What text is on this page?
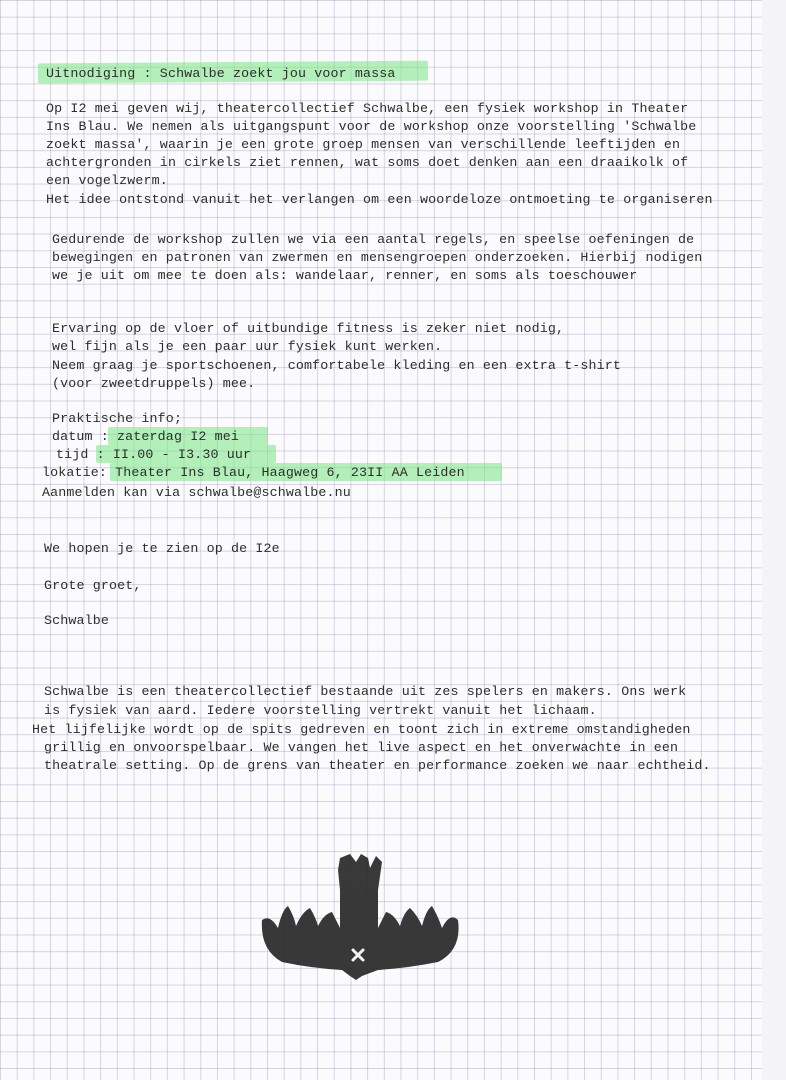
Uitnodiging : Schwalbe zoekt jou voor massa

Op I2 mei geven wij, theatercollectief Schwalbe, een fysiek workshop in Theater

Ins Blau. We nemen als uitgangspunt voor de workshop onze voorstelling 'Schwalbe

zoekt massa', waarin je een grote groep mensen van verschillende leeftijden en

achtergronden in cirkels ziet rennen, wat soms doet denken aan een draaikolk of

een vogelzwerm.

Het idee ontstond vanuit het verlangen om een woordeloze ontmoeting te organiseren

Gedurende de workshop zullen we via een aantal regels, en speelse oefeningen de

bewegingen en patronen van zwermen en mensengroepen onderzoeken. Hierbij nodigen

we je uit om mee te doen als: wandelaar, renner, en soms als toeschouwer

Ervaring op de vloer of uitbundige fitness is zeker niet nodig,

wel fijn als je een paar uur fysiek kunt werken.

Neem graag je sportschoenen, comfortabele kleding en een extra t-shirt

(voor zweetdruppels) mee.

Praktische info;

datum : zaterdag I2 mei

tijd : II.00 - I3.30 uur

lokatie: Theater Ins Blau, Haagweg 6, 23II AA Leiden

Aanmelden kan via schwalbe@schwalbe.nu

We hopen je te zien op de I2e

Grote groet,

Schwalbe

Schwalbe is een theatercollectief bestaande uit zes spelers en makers. Ons werk

is fysiek van aard. Iedere voorstelling vertrekt vanuit het lichaam.

Het lijfelijke wordt op de spits gedreven en toont zich in extreme omstandigheden

grillig en onvoorspelbaar. We vangen het live aspect en het onverwachte in een

theatrale setting. Op de grens van theater en performance zoeken we naar echtheid.
